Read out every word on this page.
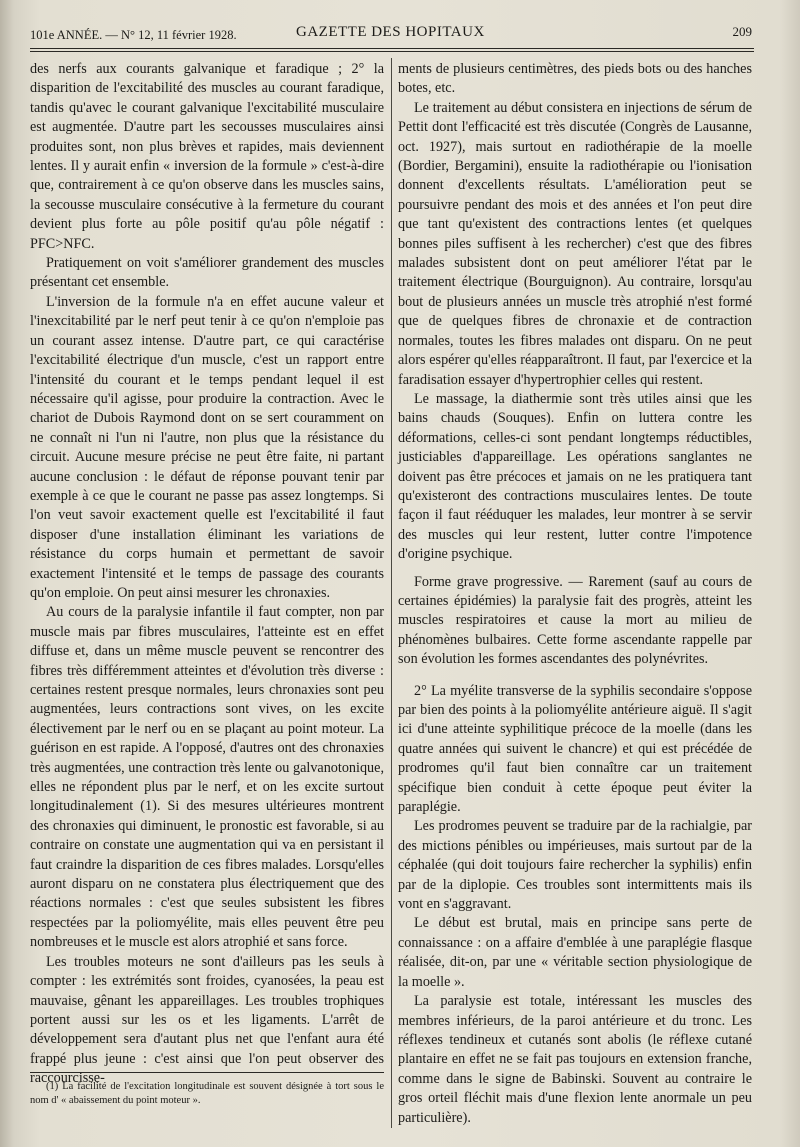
101e ANNÉE. — N° 12, 11 février 1928.	GAZETTE DES HOPITAUX	209

des nerfs aux courants galvanique et faradique ; 2° la disparition de l'excitabilité des muscles au courant faradique, tandis qu'avec le courant galvanique l'excitabilité musculaire est augmentée. D'autre part les secousses musculaires ainsi produites sont, non plus brèves et rapides, mais deviennent lentes. Il y aurait enfin « inversion de la formule » c'est-à-dire que, contrairement à ce qu'on observe dans les muscles sains, la secousse musculaire consécutive à la fermeture du courant devient plus forte au pôle positif qu'au pôle négatif : PFC>NFC.

Pratiquement on voit s'améliorer grandement des muscles présentant cet ensemble.

L'inversion de la formule n'a en effet aucune valeur et l'inexcitabilité par le nerf peut tenir à ce qu'on n'emploie pas un courant assez intense. D'autre part, ce qui caractérise l'excitabilité électrique d'un muscle, c'est un rapport entre l'intensité du courant et le temps pendant lequel il est nécessaire qu'il agisse, pour produire la contraction. Avec le chariot de Dubois Raymond dont on se sert couramment on ne connaît ni l'un ni l'autre, non plus que la résistance du circuit. Aucune mesure précise ne peut être faite, ni partant aucune conclusion : le défaut de réponse pouvant tenir par exemple à ce que le courant ne passe pas assez longtemps. Si l'on veut savoir exactement quelle est l'excitabilité il faut disposer d'une installation éliminant les variations de résistance du corps humain et permettant de savoir exactement l'intensité et le temps de passage des courants qu'on emploie. On peut ainsi mesurer les chronaxies.

Au cours de la paralysie infantile il faut compter, non par muscle mais par fibres musculaires, l'atteinte est en effet diffuse et, dans un même muscle peuvent se rencontrer des fibres très différemment atteintes et d'évolution très diverse : certaines restent presque normales, leurs chronaxies sont peu augmentées, leurs contractions sont vives, on les excite électivement par le nerf ou en se plaçant au point moteur. La guérison en est rapide. A l'opposé, d'autres ont des chronaxies très augmentées, une contraction très lente ou galvanotonique, elles ne répondent plus par le nerf, et on les excite surtout longitudinalement (1). Si des mesures ultérieures montrent des chronaxies qui diminuent, le pronostic est favorable, si au contraire on constate une augmentation qui va en persistant il faut craindre la disparition de ces fibres malades. Lorsqu'elles auront disparu on ne constatera plus électriquement que des réactions normales : c'est que seules subsistent les fibres respectées par la poliomyélite, mais elles peuvent être peu nombreuses et le muscle est alors atrophié et sans force.

Les troubles moteurs ne sont d'ailleurs pas les seuls à compter : les extrémités sont froides, cyanosées, la peau est mauvaise, gênant les appareillages. Les troubles trophiques portent aussi sur les os et les ligaments. L'arrêt de développement sera d'autant plus net que l'enfant aura été frappé plus jeune : c'est ainsi que l'on peut observer des raccourcisse-

ments de plusieurs centimètres, des pieds bots ou des hanches botes, etc.

Le traitement au début consistera en injections de sérum de Pettit dont l'efficacité est très discutée (Congrès de Lausanne, oct. 1927), mais surtout en radiothérapie de la moelle (Bordier, Bergamini), ensuite la radiothérapie ou l'ionisation donnent d'excellents résultats. L'amélioration peut se poursuivre pendant des mois et des années et l'on peut dire que tant qu'existent des contractions lentes (et quelques bonnes piles suffisent à les rechercher) c'est que des fibres malades subsistent dont on peut améliorer l'état par le traitement électrique (Bourguignon). Au contraire, lorsqu'au bout de plusieurs années un muscle très atrophié n'est formé que de quelques fibres de chronaxie et de contraction normales, toutes les fibres malades ont disparu. On ne peut alors espérer qu'elles réapparaîtront. Il faut, par l'exercice et la faradisation essayer d'hypertrophier celles qui restent.

Le massage, la diathermie sont très utiles ainsi que les bains chauds (Souques). Enfin on luttera contre les déformations, celles-ci sont pendant longtemps réductibles, justiciables d'appareillage. Les opérations sanglantes ne doivent pas être précoces et jamais on ne les pratiquera tant qu'existeront des contractions musculaires lentes. De toute façon il faut rééduquer les malades, leur montrer à se servir des muscles qui leur restent, lutter contre l'impotence d'origine psychique.

Forme grave progressive. — Rarement (sauf au cours de certaines épidémies) la paralysie fait des progrès, atteint les muscles respiratoires et cause la mort au milieu de phénomènes bulbaires. Cette forme ascendante rappelle par son évolution les formes ascendantes des polynévrites.

2° La myélite transverse de la syphilis secondaire s'oppose par bien des points à la poliomyélite antérieure aiguë. Il s'agit ici d'une atteinte syphilitique précoce de la moelle (dans les quatre années qui suivent le chancre) et qui est précédée de prodromes qu'il faut bien connaître car un traitement spécifique bien conduit à cette époque peut éviter la paraplégie.

Les prodromes peuvent se traduire par de la rachialgie, par des mictions pénibles ou impérieuses, mais surtout par de la céphalée (qui doit toujours faire rechercher la syphilis) enfin par de la diplopie. Ces troubles sont intermittents mais ils vont en s'aggravant.

Le début est brutal, mais en principe sans perte de connaissance : on a affaire d'emblée à une paraplégie flasque réalisée, dit-on, par une « véritable section physiologique de la moelle ».

La paralysie est totale, intéressant les muscles des membres inférieurs, de la paroi antérieure et du tronc. Les réflexes tendineux et cutanés sont abolis (le réflexe cutané plantaire en effet ne se fait pas toujours en extension franche, comme dans le signe de Babinski. Souvent au contraire le gros orteil fléchit mais d'une flexion lente anormale un peu particulière).

(1) La facilité de l'excitation longitudinale est souvent désignée à tort sous le nom d' « abaissement du point moteur ».
